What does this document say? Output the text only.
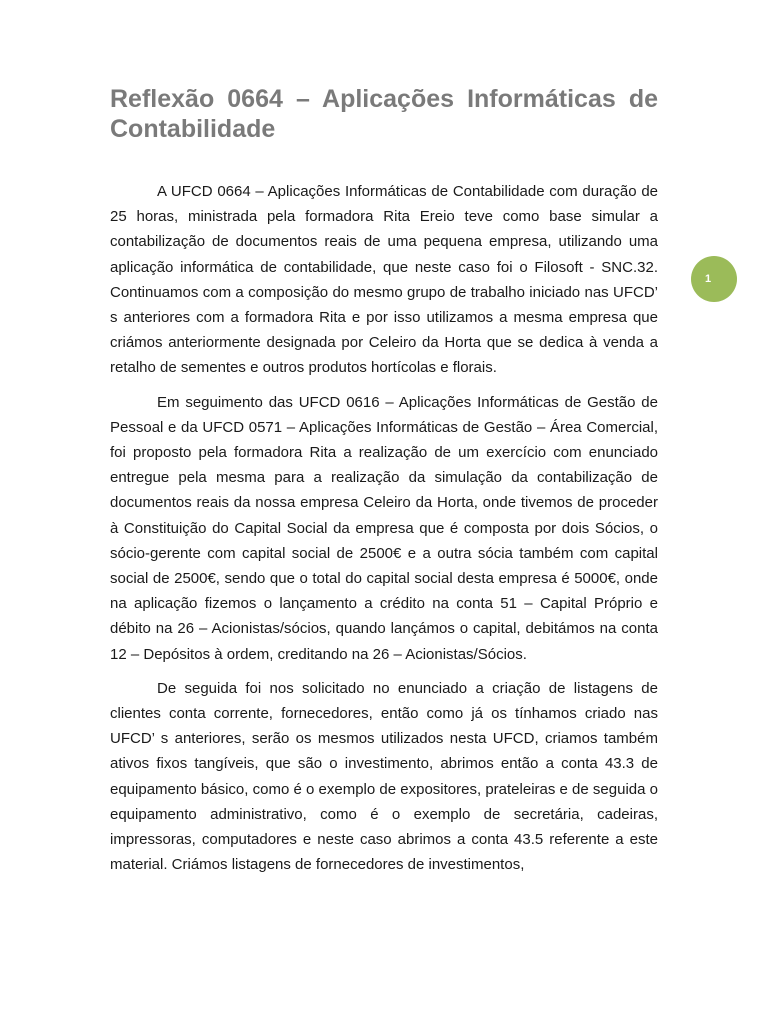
Reflexão 0664 – Aplicações Informáticas de Contabilidade

A UFCD 0664 – Aplicações Informáticas de Contabilidade com duração de 25 horas, ministrada pela formadora Rita Ereio teve como base simular a contabilização de documentos reais de uma pequena empresa, utilizando uma aplicação informática de contabilidade, que neste caso foi o Filosoft - SNC.32. Continuamos com a composição do mesmo grupo de trabalho iniciado nas UFCD’ s anteriores com a formadora Rita e por isso utilizamos a mesma empresa que criámos anteriormente designada por Celeiro da Horta que se dedica à venda a retalho de sementes e outros produtos hortícolas e florais.

Em seguimento das UFCD 0616 – Aplicações Informáticas de Gestão de Pessoal e da UFCD 0571 – Aplicações Informáticas de Gestão – Área Comercial, foi proposto pela formadora Rita a realização de um exercício com enunciado entregue pela mesma para a realização da simulação da contabilização de documentos reais da nossa empresa Celeiro da Horta, onde tivemos de proceder à Constituição do Capital Social da empresa que é composta por dois Sócios, o sócio-gerente com capital social de 2500€ e a outra sócia também com capital social de 2500€, sendo que o total do capital social desta empresa é 5000€, onde na aplicação fizemos o lançamento a crédito na conta 51 – Capital Próprio e débito na 26 – Acionistas/sócios, quando lançámos o capital, debitámos na conta 12 – Depósitos à ordem, creditando na 26 – Acionistas/Sócios.

De seguida foi nos solicitado no enunciado a criação de listagens de clientes conta corrente, fornecedores, então como já os tínhamos criado nas UFCD’ s anteriores, serão os mesmos utilizados nesta UFCD, criamos também ativos fixos tangíveis, que são o investimento, abrimos então a conta 43.3 de equipamento básico, como é o exemplo de expositores, prateleiras e de seguida o equipamento administrativo, como é o exemplo de secretária, cadeiras, impressoras, computadores e neste caso abrimos a conta 43.5 referente a este material. Criámos listagens de fornecedores de investimentos,

1
